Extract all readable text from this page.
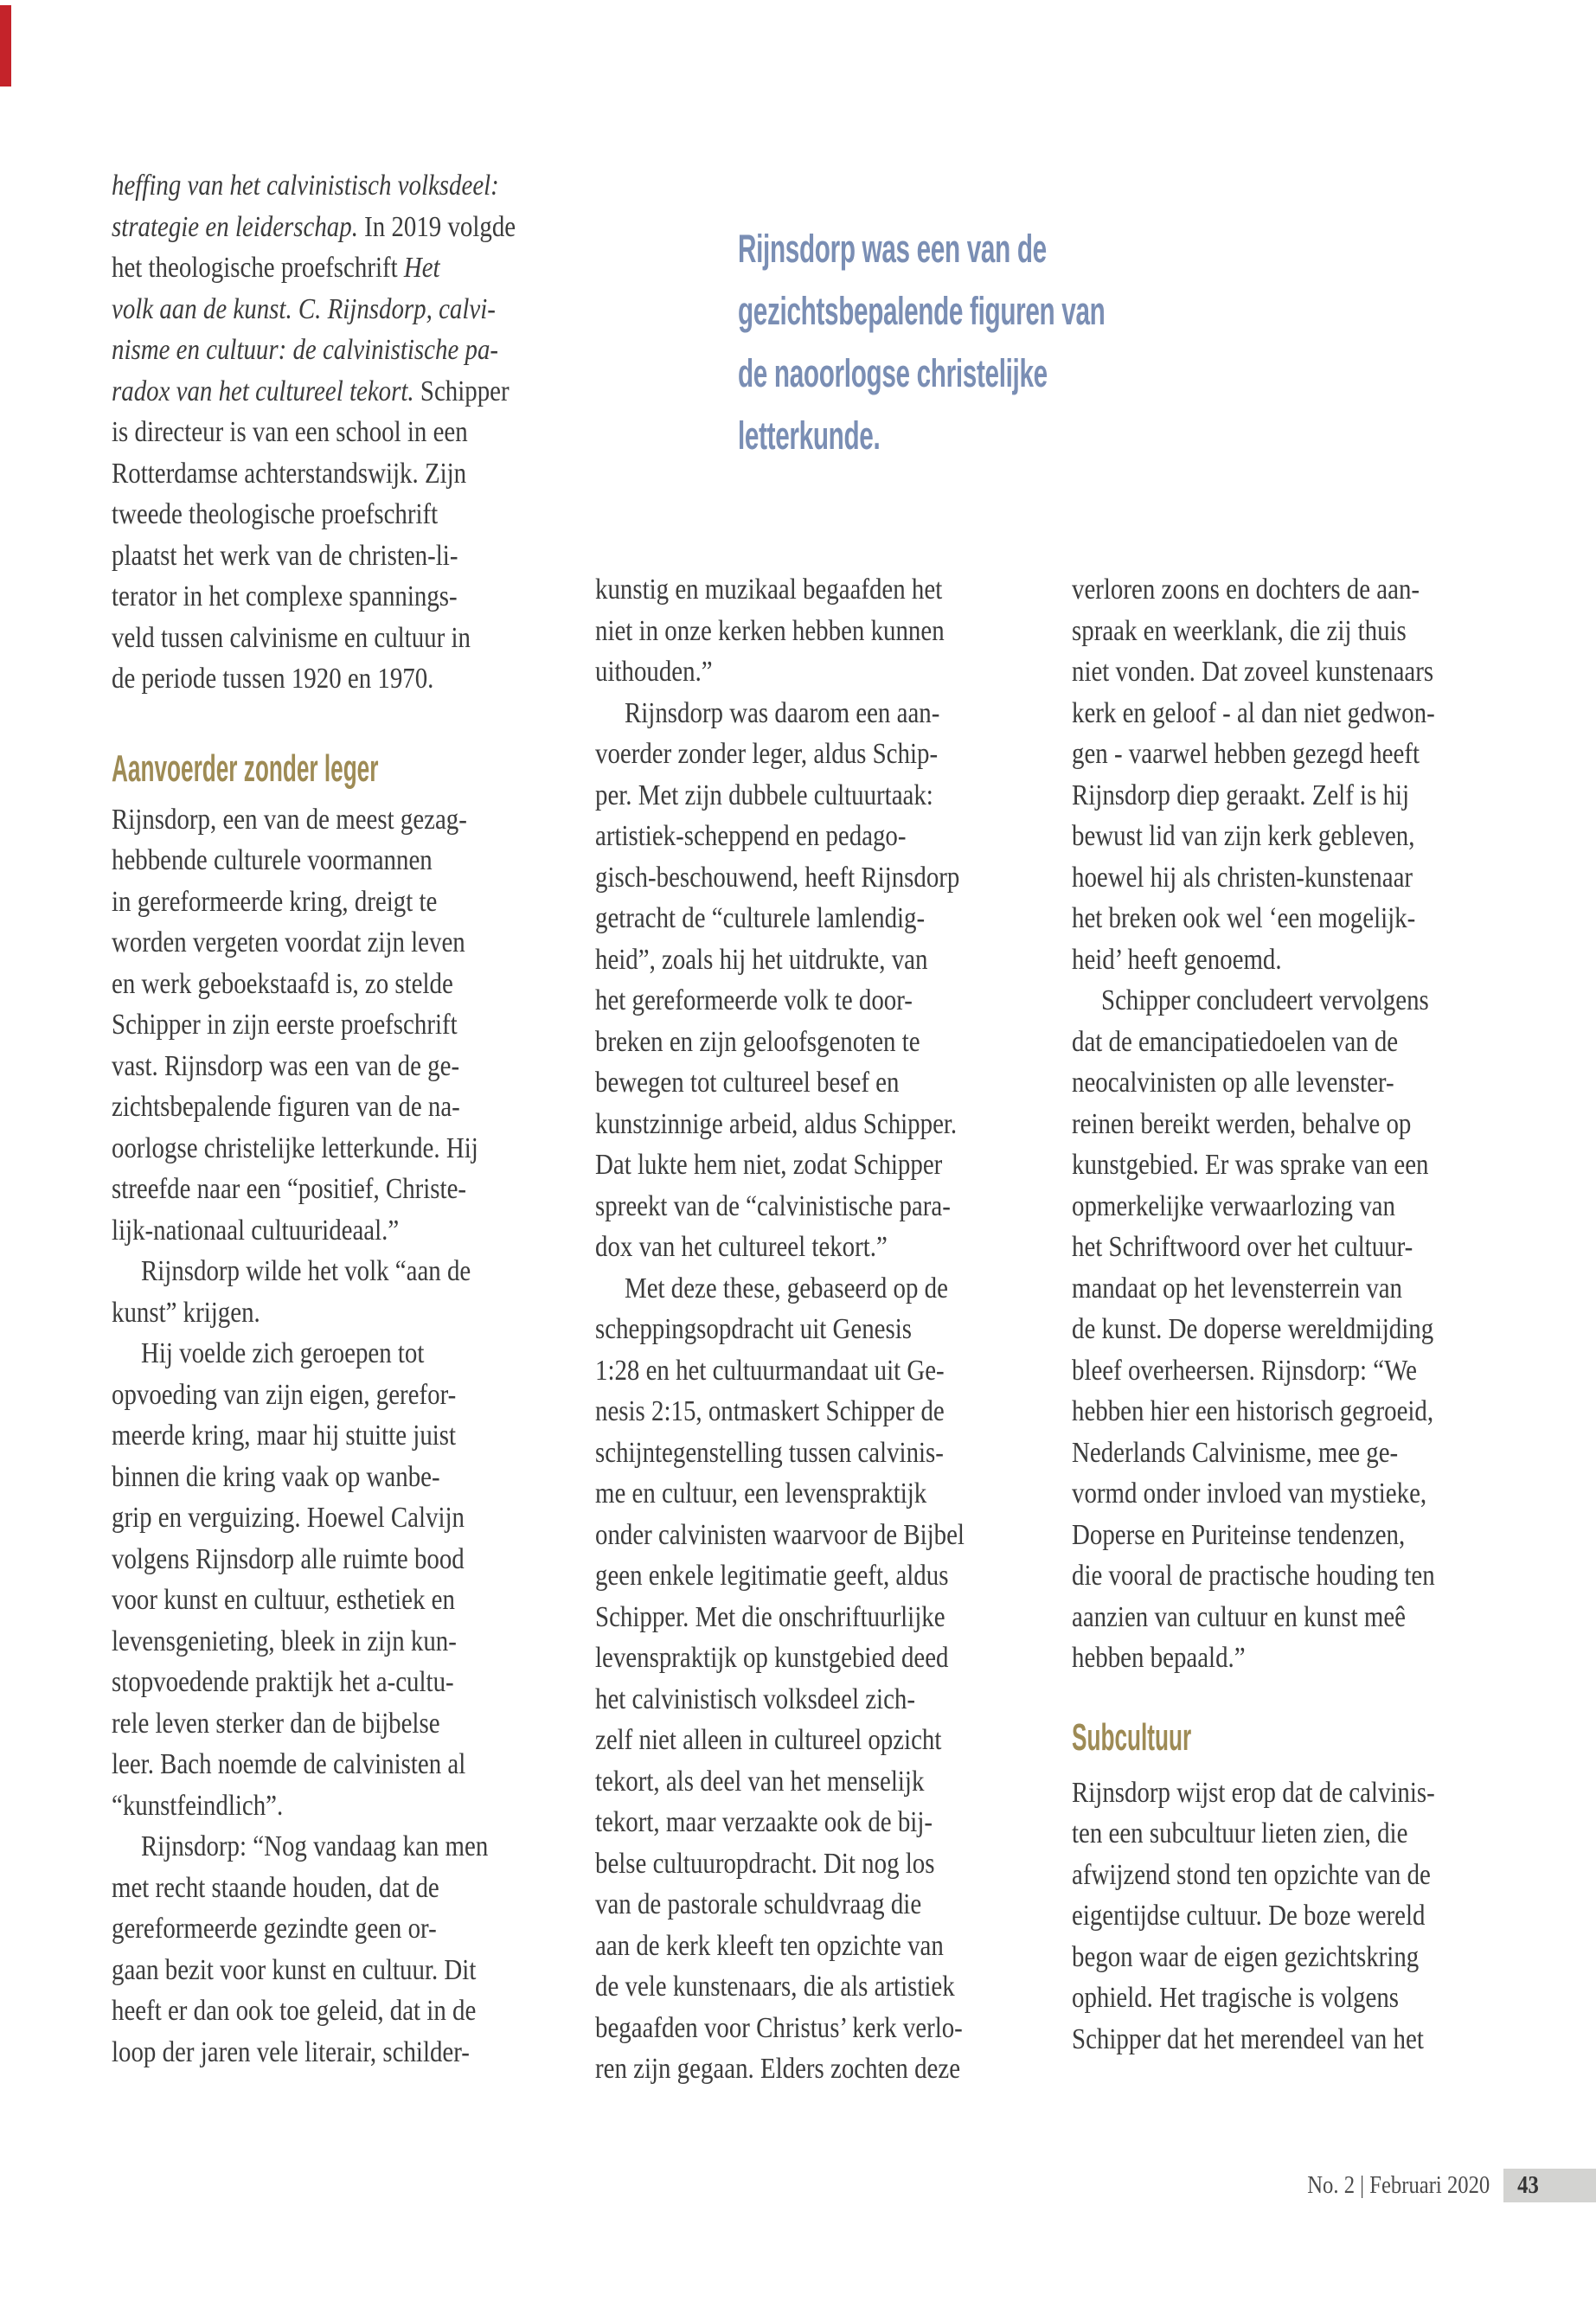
Rijnsdorp was een van de
gezichtsbepalende figuren van
de naoorlogse christelijke
letterkunde.
heffing van het calvinistisch volksdeel:
strategie en leiderschap. In 2019 volgde
het theologische proefschrift Het
volk aan de kunst. C. Rijnsdorp, calvi-
nisme en cultuur: de calvinistische pa-
radox van het cultureel tekort. Schipper
is directeur is van een school in een
Rotterdamse achterstandswijk. Zijn
tweede theologische proefschrift
plaatst het werk van de christen-li-
terator in het complexe spannings-
veld tussen calvinisme en cultuur in
de periode tussen 1920 en 1970.
Aanvoerder zonder leger
Rijnsdorp, een van de meest gezag-
hebbende culturele voormannen
in gereformeerde kring, dreigt te
worden vergeten voordat zijn leven
en werk geboekstaafd is, zo stelde
Schipper in zijn eerste proefschrift
vast. Rijnsdorp was een van de ge-
zichtsbepalende figuren van de na-
oorlogse christelijke letterkunde. Hij
streefde naar een “positief, Christe-
lijk-nationaal cultuurideaal.”
Rijnsdorp wilde het volk “aan de
kunst” krijgen.
Hij voelde zich geroepen tot
opvoeding van zijn eigen, gerefor-
meerde kring, maar hij stuitte juist
binnen die kring vaak op wanbe-
grip en verguizing. Hoewel Calvijn
volgens Rijnsdorp alle ruimte bood
voor kunst en cultuur, esthetiek en
levensgenieting, bleek in zijn kun-
stopvoedende praktijk het a-cultu-
rele leven sterker dan de bijbelse
leer. Bach noemde de calvinisten al
“kunstfeindlich”.
Rijnsdorp: “Nog vandaag kan men
met recht staande houden, dat de
gereformeerde gezindte geen or-
gaan bezit voor kunst en cultuur. Dit
heeft er dan ook toe geleid, dat in de
loop der jaren vele literair, schilder-
kunstig en muzikaal begaafden het
niet in onze kerken hebben kunnen
uithouden.”
Rijnsdorp was daarom een aan-
voerder zonder leger, aldus Schip-
per. Met zijn dubbele cultuurtaak:
artistiek-scheppend en pedago-
gisch-beschouwend, heeft Rijnsdorp
getracht de “culturele lamlendig-
heid”, zoals hij het uitdrukte, van
het gereformeerde volk te door-
breken en zijn geloofsgenoten te
bewegen tot cultureel besef en
kunstzinnige arbeid, aldus Schipper.
Dat lukte hem niet, zodat Schipper
spreekt van de “calvinistische para-
dox van het cultureel tekort.”
Met deze these, gebaseerd op de
scheppingsopdracht uit Genesis
1:28 en het cultuurmandaat uit Ge-
nesis 2:15, ontmaskert Schipper de
schijntegenstelling tussen calvinis-
me en cultuur, een levenspraktijk
onder calvinisten waarvoor de Bijbel
geen enkele legitimatie geeft, aldus
Schipper. Met die onschriftuurlijke
levenspraktijk op kunstgebied deed
het calvinistisch volksdeel zich-
zelf niet alleen in cultureel opzicht
tekort, als deel van het menselijk
tekort, maar verzaakte ook de bij-
belse cultuuropdracht. Dit nog los
van de pastorale schuldvraag die
aan de kerk kleeft ten opzichte van
de vele kunstenaars, die als artistiek
begaafden voor Christus’ kerk verlo-
ren zijn gegaan. Elders zochten deze
verloren zoons en dochters de aan-
spraak en weerklank, die zij thuis
niet vonden. Dat zoveel kunstenaars
kerk en geloof - al dan niet gedwon-
gen - vaarwel hebben gezegd heeft
Rijnsdorp diep geraakt. Zelf is hij
bewust lid van zijn kerk gebleven,
hoewel hij als christen-kunstenaar
het breken ook wel ‘een mogelijk-
heid’ heeft genoemd.
Schipper concludeert vervolgens
dat de emancipatiedoelen van de
neocalvinisten op alle levenster-
reinen bereikt werden, behalve op
kunstgebied. Er was sprake van een
opmerkelijke verwaarlozing van
het Schriftwoord over het cultuur-
mandaat op het levensterrein van
de kunst. De doperse wereldmijding
bleef overheersen. Rijnsdorp: “We
hebben hier een historisch gegroeid,
Nederlands Calvinisme, mee ge-
vormd onder invloed van mystieke,
Doperse en Puriteinse tendenzen,
die vooral de practische houding ten
aanzien van cultuur en kunst meê
hebben bepaald.”
Subcultuur
Rijnsdorp wijst erop dat de calvinis-
ten een subcultuur lieten zien, die
afwijzend stond ten opzichte van de
eigentijdse cultuur. De boze wereld
begon waar de eigen gezichtskring
ophield. Het tragische is volgens
Schipper dat het merendeel van het
No. 2 | Februari 2020	43
